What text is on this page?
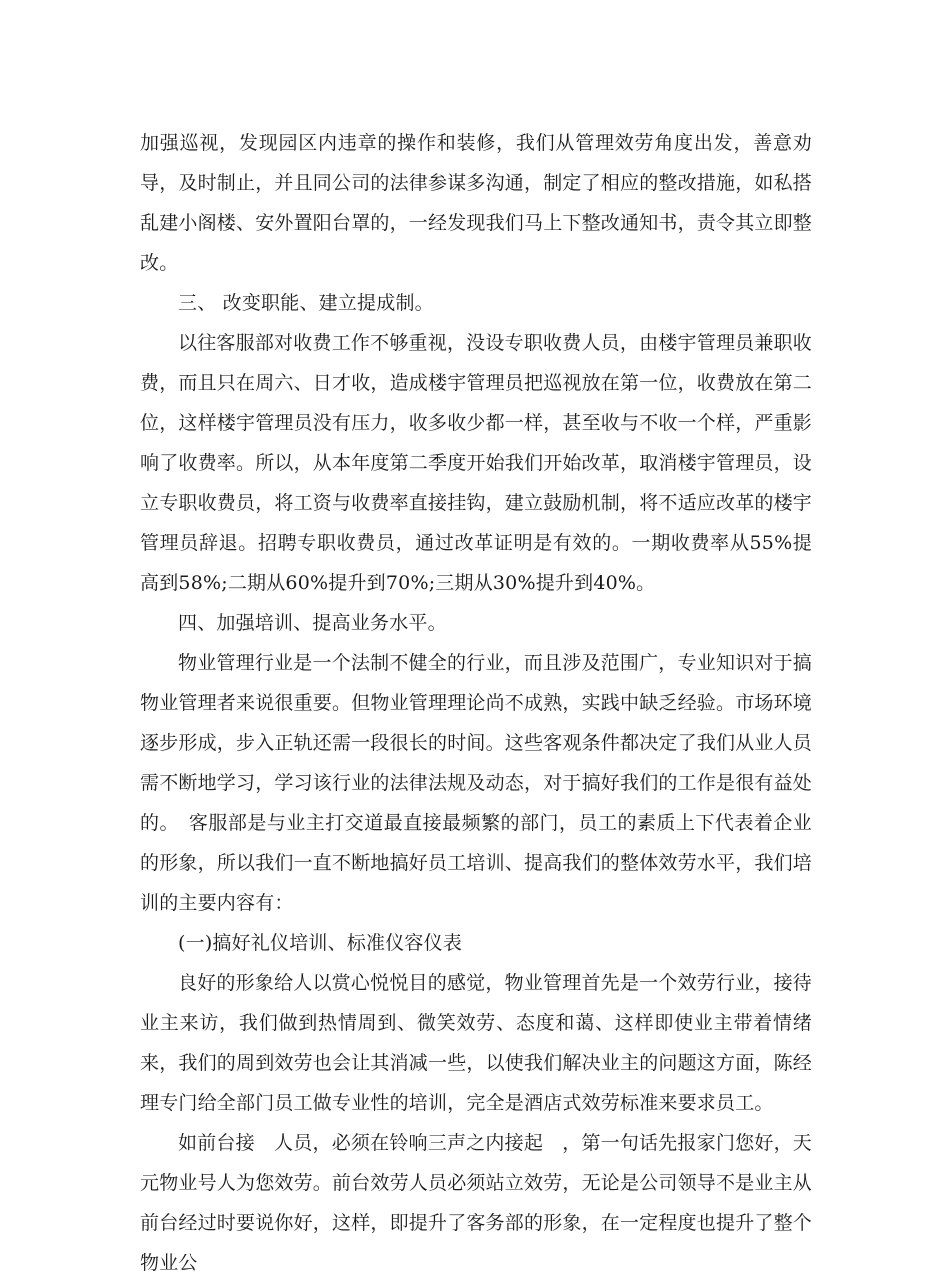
加强巡视，发现园区内违章的操作和装修，我们从管理效劳角度出发，善意劝导，及时制止，并且同公司的法律参谋多沟通，制定了相应的整改措施，如私搭乱建小阁楼、安外置阳台罩的，一经发现我们马上下整改通知书，责令其立即整改。

三、 改变职能、建立提成制。

以往客服部对收费工作不够重视，没设专职收费人员，由楼宇管理员兼职收费，而且只在周六、日才收，造成楼宇管理员把巡视放在第一位，收费放在第二位，这样楼宇管理员没有压力，收多收少都一样，甚至收与不收一个样，严重影响了收费率。所以，从本年度第二季度开始我们开始改革，取消楼宇管理员，设立专职收费员，将工资与收费率直接挂钩，建立鼓励机制，将不适应改革的楼宇管理员辞退。招聘专职收费员，通过改革证明是有效的。一期收费率从55%提高到58%;二期从60%提升到70%;三期从30%提升到40%。

四、加强培训、提高业务水平。

物业管理行业是一个法制不健全的行业，而且涉及范围广，专业知识对于搞物业管理者来说很重要。但物业管理理论尚不成熟，实践中缺乏经验。市场环境逐步形成，步入正轨还需一段很长的时间。这些客观条件都决定了我们从业人员需不断地学习，学习该行业的法律法规及动态，对于搞好我们的工作是很有益处的。　客服部是与业主打交道最直接最频繁的部门，员工的素质上下代表着企业的形象，所以我们一直不断地搞好员工培训、提高我们的整体效劳水平，我们培训的主要内容有：

(一)搞好礼仪培训、标准仪容仪表

良好的形象给人以赏心悦悦目的感觉，物业管理首先是一个效劳行业，接待业主来访，我们做到热情周到、微笑效劳、态度和蔼、这样即使业主带着情绪来，我们的周到效劳也会让其消减一些，以使我们解决业主的问题这方面，陈经理专门给全部门员工做专业性的培训，完全是酒店式效劳标准来要求员工。

如前台接　人员，必须在铃响三声之内接起　，第一句话先报家门您好，天元物业号人为您效劳。前台效劳人员必须站立效劳，无论是公司领导不是业主从前台经过时要说你好，这样，即提升了客务部的形象，在一定程度也提升了整个物业公
